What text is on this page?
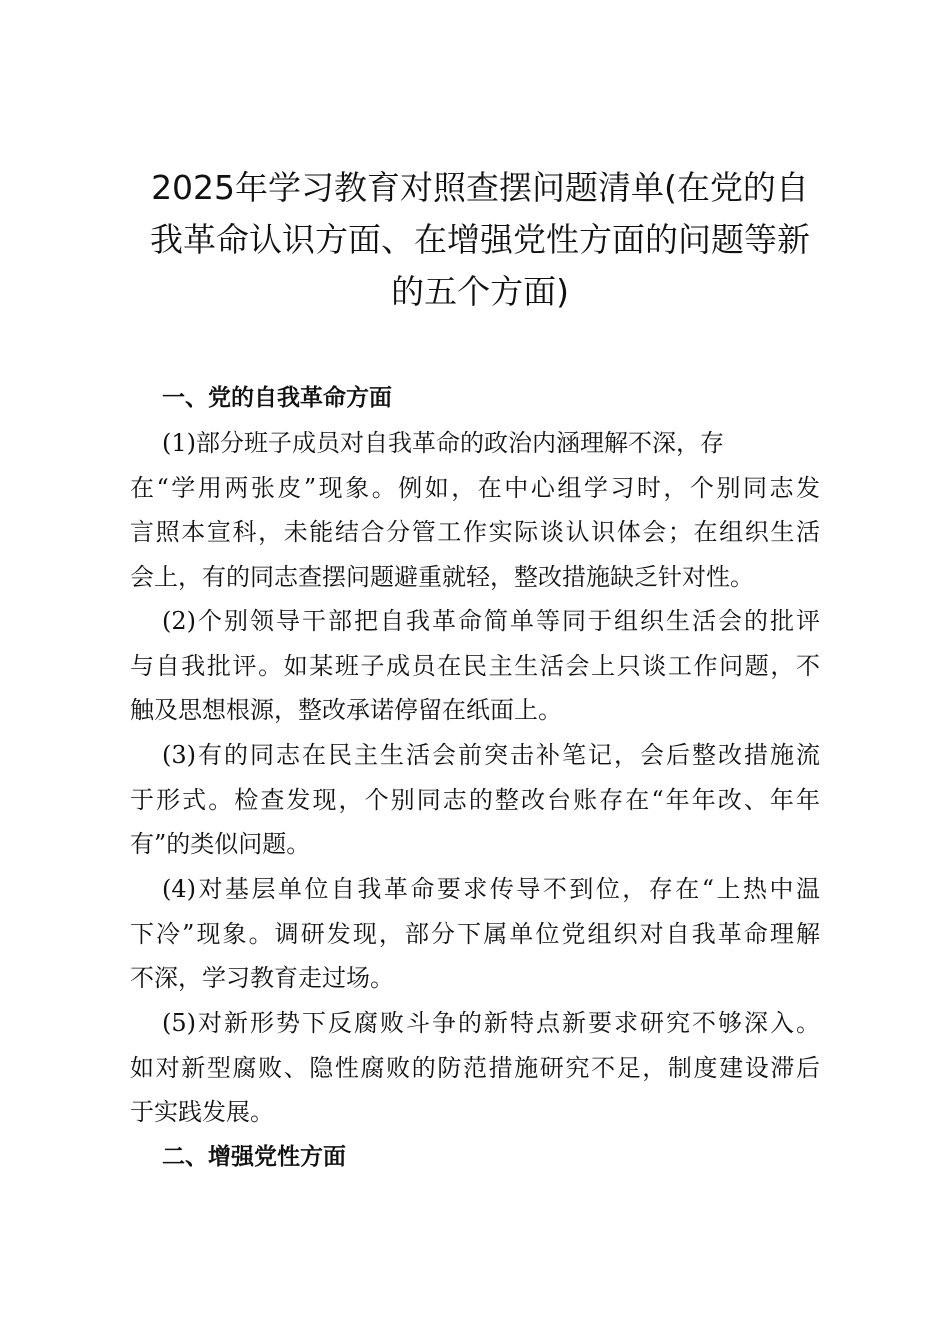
2025年学习教育对照查摆问题清单(在党的自
我革命认识方面、在增强党性方面的问题等新
的五个方面)
一、党的自我革命方面
(1)部分班子成员对自我革命的政治内涵理解不深，存
在“学用两张皮”现象。例如，在中心组学习时，个别同志发
言照本宣科，未能结合分管工作实际谈认识体会；在组织生活
会上，有的同志查摆问题避重就轻，整改措施缺乏针对性。
(2)个别领导干部把自我革命简单等同于组织生活会的批评
与自我批评。如某班子成员在民主生活会上只谈工作问题，不
触及思想根源，整改承诺停留在纸面上。
(3)有的同志在民主生活会前突击补笔记，会后整改措施流
于形式。检查发现，个别同志的整改台账存在“年年改、年年
有”的类似问题。
(4)对基层单位自我革命要求传导不到位，存在“上热中温
下冷”现象。调研发现，部分下属单位党组织对自我革命理解
不深，学习教育走过场。
(5)对新形势下反腐败斗争的新特点新要求研究不够深入。
如对新型腐败、隐性腐败的防范措施研究不足，制度建设滞后
于实践发展。
二、增强党性方面
